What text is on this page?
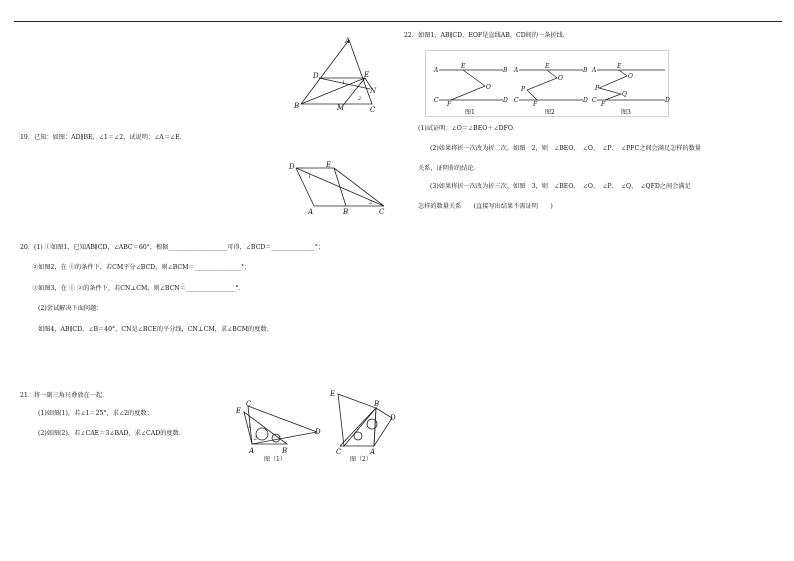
A
B	C
D	E
N
M
1
2
19．已知：如图：AD∥BE，∠1＝∠2，试说明：∠A＝∠E．
D	E
A	B	C
1
2
20．(1) ①如图1，已知AB∥CD，∠ABC＝60°，根据___________________可得，∠BCD＝______________°；
②如图2，在 ①的条件下，若CM平分∠BCD，则∠BCM＝_______________°；
③如图3，在 ① ②的条件下，若CN⊥CM，则∠BCN＝________________°．
(2)尝试解决下面问题：
如图4，AB∥CD，∠B＝40°，CN是∠BCE的平分线，CN⊥CM，求∠BCM的度数．
21．将一副三角尺叠放在一起．
(1)如图(1)，若∠1＝25°，求∠2的度数；
(2)如图(2)，若∠CAE＝3∠BAD，求∠CAD的度数．
C
E
D
A	B
1
2
图（1）
E
B
D
C	A
图（2）
22．如图1，AB∥CD，EOF是直线AB、CD间的一条折线．
A	B
E
O
C	D
F
A	B
E
O
P
F
C	D
A
E
O
P
Q
F
C	D
图1	图2	图3
(1)试证明：∠O＝∠BEO＋∠DFO．
(2)如果将折一次改为折二次，如图　2，则　∠BEO、　∠O、　∠P、　∠PFC之间会满足怎样的数量
关系，证明你的结论．
(3)如果将折一次改为折三次，如图　3，则　∠BEO、　∠O、　∠P、　∠Q、　∠QFD之间会满足
怎样的数量关系　　(直接写出结果不需证明　　)
